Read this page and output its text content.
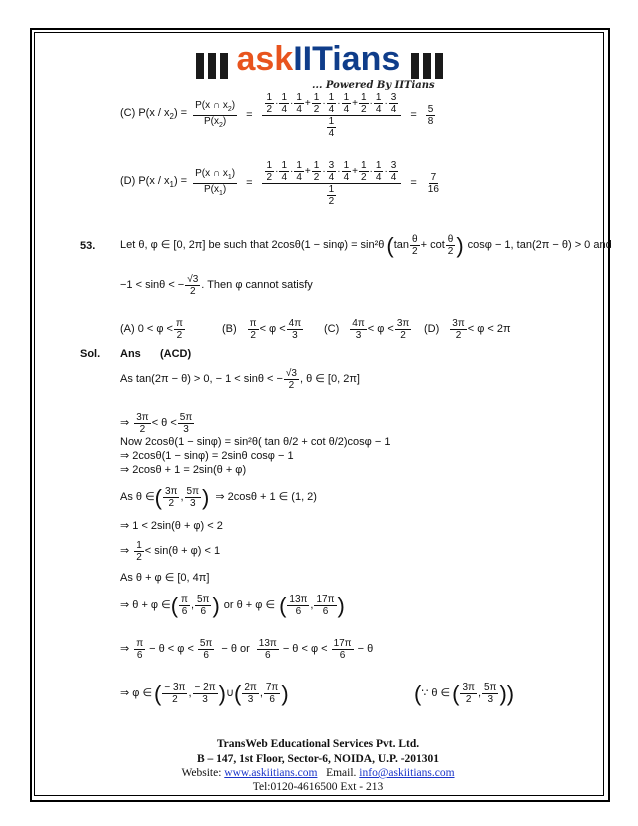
askIITians
... Powered By IITians
(C) $P(x / x_2) = \frac{P(x \cap x_2)}{P(x_2)} = \frac{\frac{1}{2} \cdot \frac{1}{4} \cdot \frac{1}{4} + \frac{1}{2} \cdot \frac{1}{4} \cdot \frac{1}{4} + \frac{1}{2} \cdot \frac{1}{4} \cdot \frac{3}{4}}{\frac{1}{4}} = \frac{5}{8}$
(D) $P(x / x_1) = \frac{P(x \cap x_1)}{P(x_1)} = \frac{\frac{1}{2} \cdot \frac{1}{4} \cdot \frac{1}{4} + \frac{1}{2} \cdot \frac{3}{4} \cdot \frac{1}{4} + \frac{1}{2} \cdot \frac{1}{4} \cdot \frac{3}{4}}{\frac{1}{2}} = \frac{7}{16}$
53. Let θ, φ ∈ [0, 2π] be such that 2cosθ(1 − sinφ) = sin²θ ( $\tan \frac{\theta}{2} + \cot \frac{\theta}{2}$ ) cosφ − 1, tan(2π − θ) > 0 and
−1 < sinθ < − $\frac{√3}{2}$ . Then φ cannot satisfy
(A) $0 < \varphi < \frac{\pi}{2}$	$(B) \frac{\pi}{2} < \varphi < \frac{4\pi}{3} (C) \frac{4\pi}{3} < \varphi < \frac{3\pi}{2} (D) \frac{3\pi}{2} < \varphi < 2\pi$
Sol. Ans (ACD)
As tan(2π − θ) > 0, − 1 < sinθ < − $\frac{√3}{2}$ , θ ∈ [0, 2π]
⇒ $\frac{3\pi}{2} < \theta < \frac{5\pi}{3}$
Now 2cosθ(1 − sinφ) = sin²θ( tan θ/2 + cot θ/2)cosφ − 1
⇒ 2cosθ(1 − sinφ) = 2sinθ cosφ − 1
⇒ 2cosθ + 1 = 2sin(θ + φ)
As θ ∈ ( $\frac{3\pi}{2}$ , $\frac{5\pi}{3}$ ) ⇒ 2cosθ + 1 ∈ (1, 2)
⇒ 1 < 2sin(θ + φ) < 2
⇒ $\frac{1}{2} < \sin(\theta + \varphi) < 1$
As θ + φ ∈ [0, 4π]
⇒ θ + φ ∈ ( $\frac{\pi}{6}$ , $\frac{5\pi}{6}$ ) or θ + φ ∈ ( $\frac{13\pi}{6}$ , $\frac{17\pi}{6}$ )
⇒ $\frac{\pi}{6} - \theta < \varphi < \frac{5\pi}{6} - \theta$ or $\frac{13\pi}{6} - \theta < \varphi < \frac{17\pi}{6} - \theta$
⇒ φ ∈ ( $\frac{- 3\pi}{2}$ , $\frac{- 2\pi}{3}$ ) ∪ ( $\frac{2\pi}{3}$ , $\frac{7\pi}{6}$ )	( ∵ θ ∈ ( $\frac{3\pi}{2}$ , $\frac{5\pi}{3}$ ) )
TransWeb Educational Services Pvt. Ltd.
B – 147, 1st Floor, Sector-6, NOIDA, U.P. -201301
Website: www.askiitians.com Email. info@askiitians.com
Tel:0120-4616500 Ext - 213
